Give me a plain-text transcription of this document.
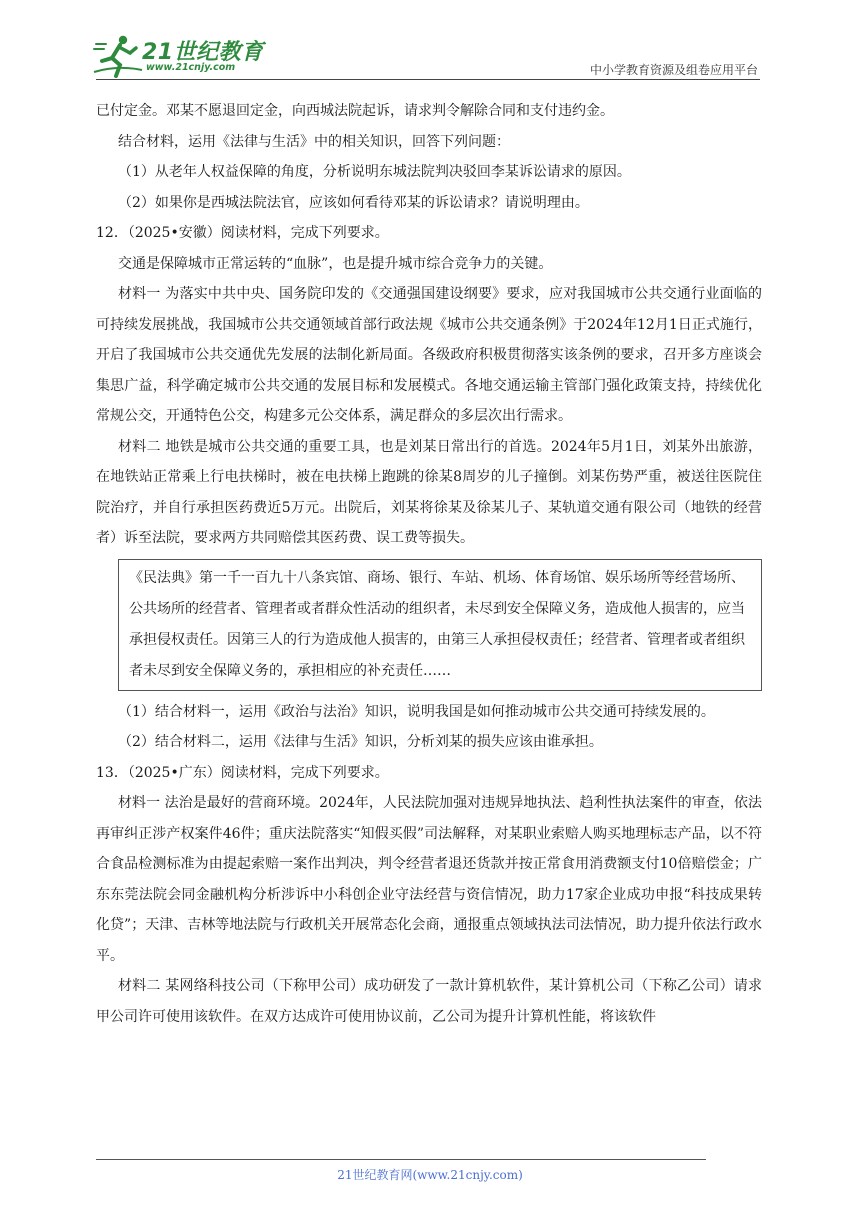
21世纪教育
www.21cnjy.com	中小学教育资源及组卷应用平台

已付定金。邓某不愿退回定金，向西城法院起诉，请求判令解除合同和支付违约金。

结合材料，运用《法律与生活》中的相关知识，回答下列问题：

（1）从老年人权益保障的角度，分析说明东城法院判决驳回李某诉讼请求的原因。

（2）如果你是西城法院法官，应该如何看待邓某的诉讼请求？请说明理由。

12．（2025•安徽）阅读材料，完成下列要求。

交通是保障城市正常运转的“血脉”，也是提升城市综合竞争力的关键。

材料一 为落实中共中央、国务院印发的《交通强国建设纲要》要求，应对我国城市公共交通行业面临的可持续发展挑战，我国城市公共交通领域首部行政法规《城市公共交通条例》于2024年12月1日正式施行，开启了我国城市公共交通优先发展的法制化新局面。各级政府积极贯彻落实该条例的要求，召开多方座谈会集思广益，科学确定城市公共交通的发展目标和发展模式。各地交通运输主管部门强化政策支持，持续优化常规公交，开通特色公交，构建多元公交体系，满足群众的多层次出行需求。

材料二 地铁是城市公共交通的重要工具，也是刘某日常出行的首选。2024年5月1日，刘某外出旅游，在地铁站正常乘上行电扶梯时，被在电扶梯上跑跳的徐某8周岁的儿子撞倒。刘某伤势严重，被送往医院住院治疗，并自行承担医药费近5万元。出院后，刘某将徐某及徐某儿子、某轨道交通有限公司（地铁的经营者）诉至法院，要求两方共同赔偿其医药费、误工费等损失。

《民法典》第一千一百九十八条宾馆、商场、银行、车站、机场、体育场馆、娱乐场所等经营场所、公共场所的经营者、管理者或者群众性活动的组织者，未尽到安全保障义务，造成他人损害的，应当承担侵权责任。因第三人的行为造成他人损害的，由第三人承担侵权责任；经营者、管理者或者组织者未尽到安全保障义务的，承担相应的补充责任……

（1）结合材料一，运用《政治与法治》知识，说明我国是如何推动城市公共交通可持续发展的。

（2）结合材料二，运用《法律与生活》知识，分析刘某的损失应该由谁承担。

13．（2025•广东）阅读材料，完成下列要求。

材料一 法治是最好的营商环境。2024年，人民法院加强对违规异地执法、趋利性执法案件的审查，依法再审纠正涉产权案件46件；重庆法院落实“知假买假”司法解释，对某职业索赔人购买地理标志产品，以不符合食品检测标准为由提起索赔一案作出判决，判令经营者退还货款并按正常食用消费额支付10倍赔偿金；广东东莞法院会同金融机构分析涉诉中小科创企业守法经营与资信情况，助力17家企业成功申报“科技成果转化贷”；天津、吉林等地法院与行政机关开展常态化会商，通报重点领域执法司法情况，助力提升依法行政水平。

材料二 某网络科技公司（下称甲公司）成功研发了一款计算机软件，某计算机公司（下称乙公司）请求甲公司许可使用该软件。在双方达成许可使用协议前，乙公司为提升计算机性能，将该软件

21世纪教育网(www.21cnjy.com)
